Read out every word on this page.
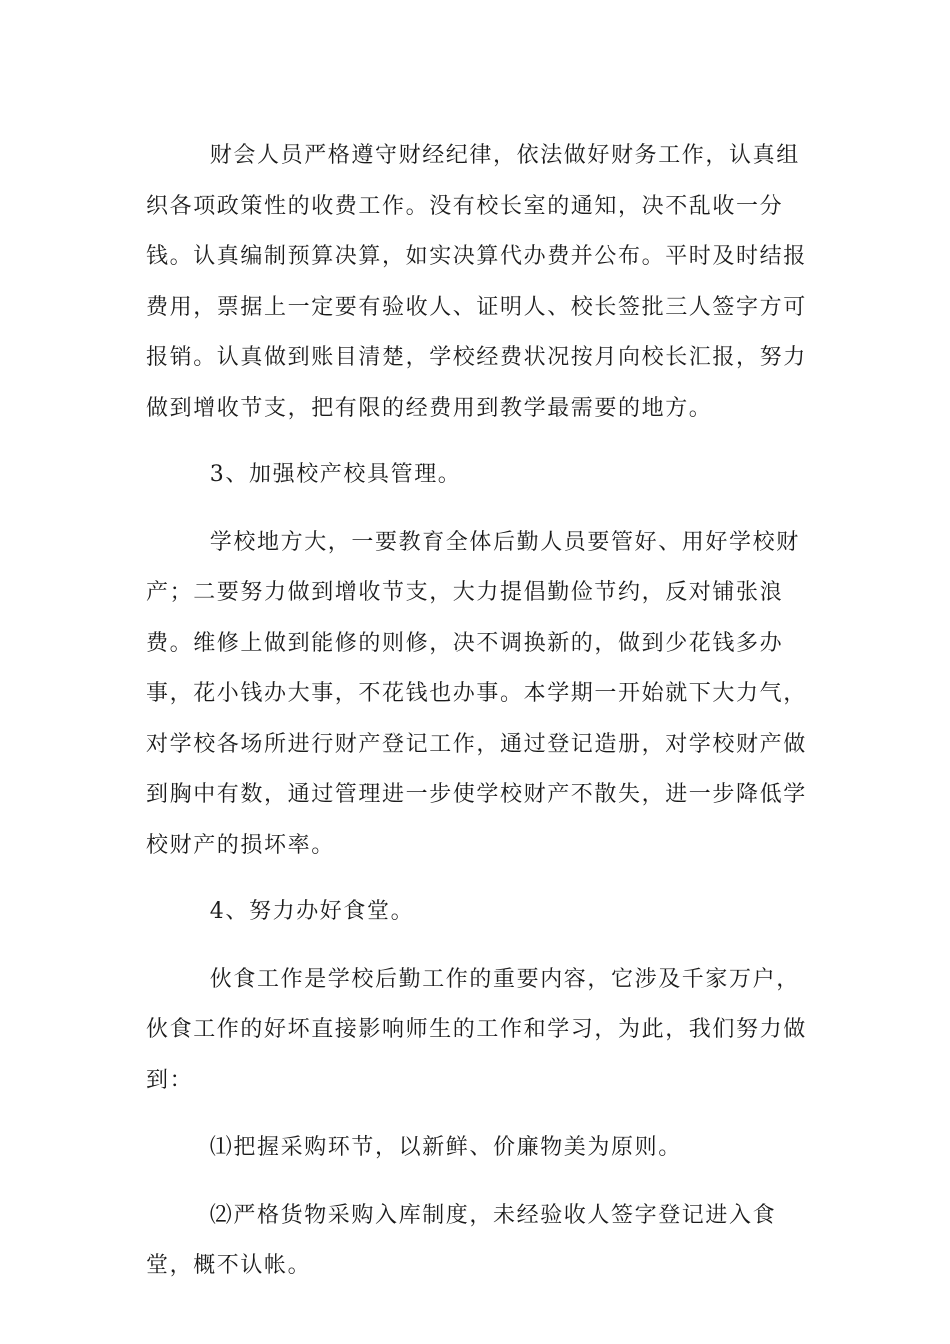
财会人员严格遵守财经纪律，依法做好财务工作，认真组织各项政策性的收费工作。没有校长室的通知，决不乱收一分钱。认真编制预算决算，如实决算代办费并公布。平时及时结报费用，票据上一定要有验收人、证明人、校长签批三人签字方可报销。认真做到账目清楚，学校经费状况按月向校长汇报，努力做到增收节支，把有限的经费用到教学最需要的地方。

3、加强校产校具管理。

学校地方大，一要教育全体后勤人员要管好、用好学校财产；二要努力做到增收节支，大力提倡勤俭节约，反对铺张浪费。维修上做到能修的则修，决不调换新的，做到少花钱多办事，花小钱办大事，不花钱也办事。本学期一开始就下大力气，对学校各场所进行财产登记工作，通过登记造册，对学校财产做到胸中有数，通过管理进一步使学校财产不散失，进一步降低学校财产的损坏率。

4、努力办好食堂。

伙食工作是学校后勤工作的重要内容，它涉及千家万户，伙食工作的好坏直接影响师生的工作和学习，为此，我们努力做到：

⑴把握采购环节，以新鲜、价廉物美为原则。

⑵严格货物采购入库制度，未经验收人签字登记进入食堂，概不认帐。
